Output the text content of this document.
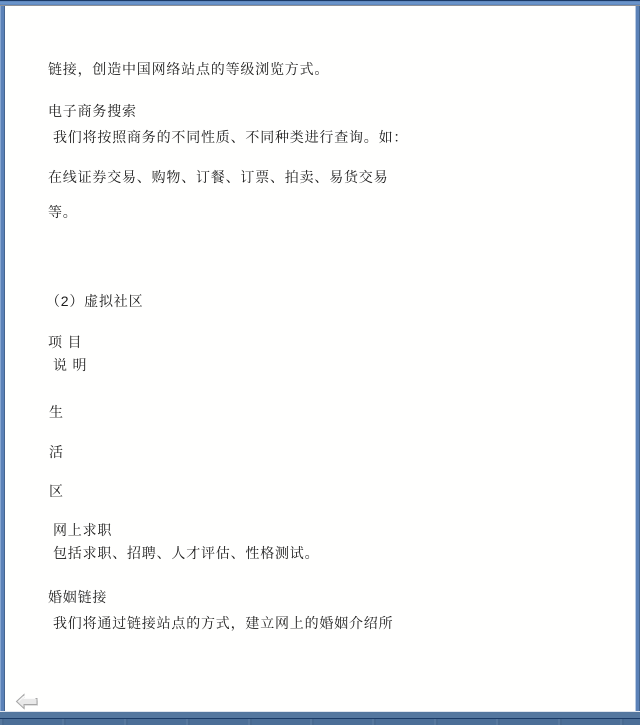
链接，创造中国网络站点的等级浏览方式。
电子商务搜索
我们将按照商务的不同性质、不同种类进行查询。如：
在线证券交易、购物、订餐、订票、拍卖、易货交易
等。
（2）虚拟社区
项 目
说 明
生
活
区
网上求职
包括求职、招聘、人才评估、性格测试。
婚姻链接
我们将通过链接站点的方式，建立网上的婚姻介绍所
